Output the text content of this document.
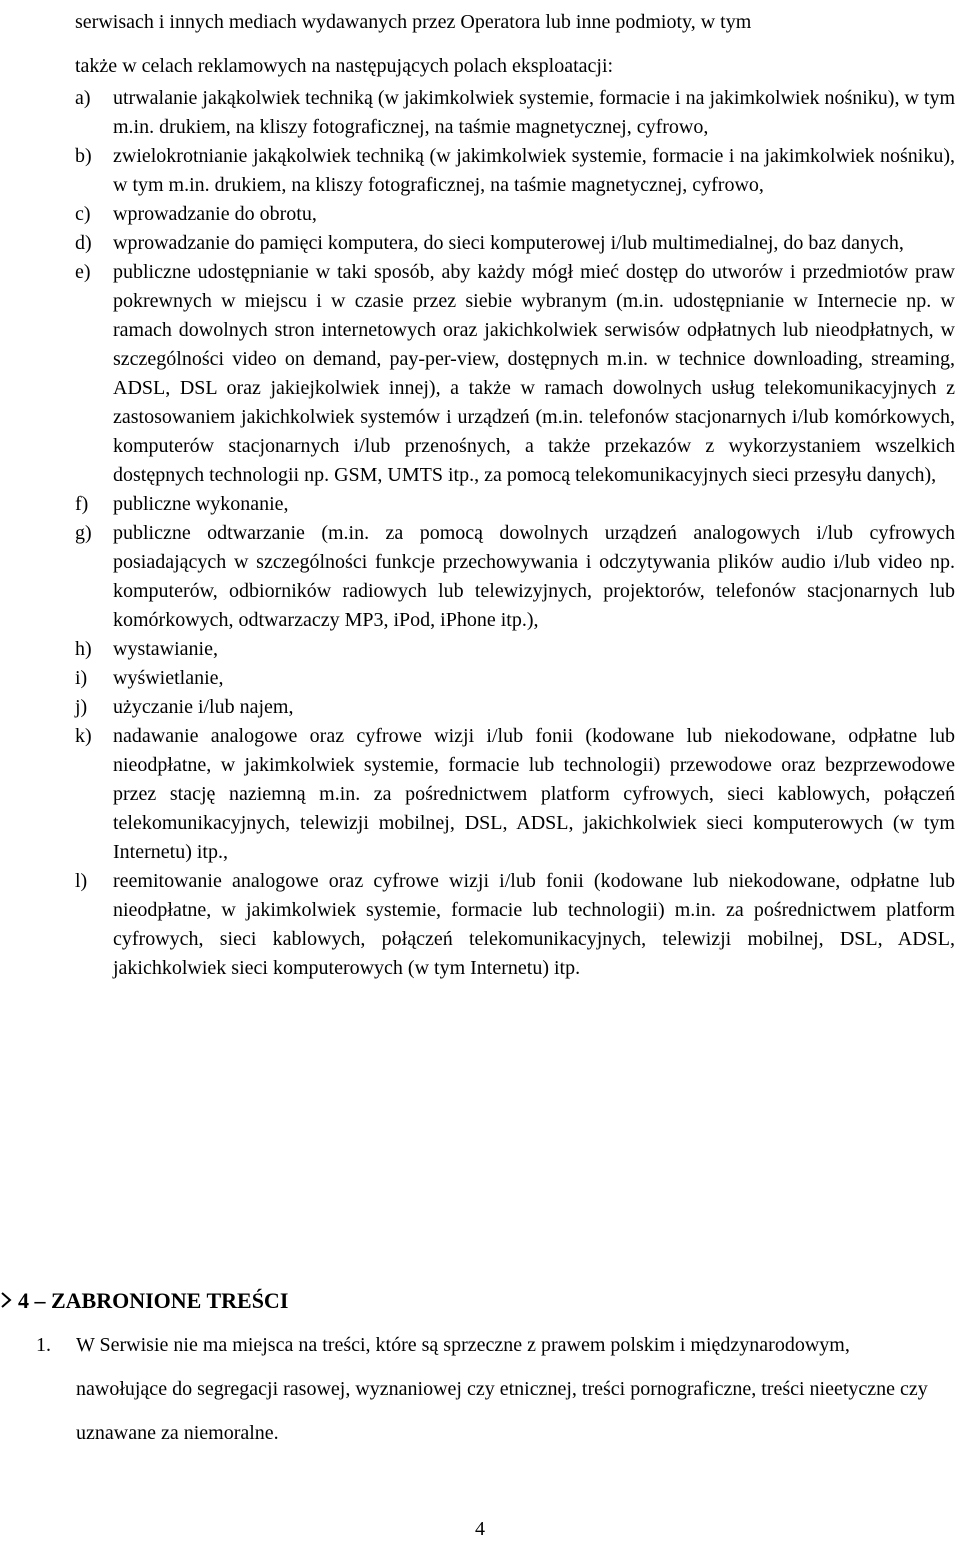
serwisach i innych mediach wydawanych przez Operatora lub inne podmioty, w tym
także w celach reklamowych na następujących polach eksploatacji:
a)	utrwalanie jakąkolwiek techniką (w jakimkolwiek systemie, formacie i na jakimkolwiek nośniku), w tym m.in. drukiem, na kliszy fotograficznej, na taśmie magnetycznej, cyfrowo,
b)	zwielokrotnianie jakąkolwiek techniką (w jakimkolwiek systemie, formacie i na jakimkolwiek nośniku), w tym m.in. drukiem, na kliszy fotograficznej, na taśmie magnetycznej, cyfrowo,
c)	wprowadzanie do obrotu,
d)	wprowadzanie do pamięci komputera, do sieci komputerowej i/lub multimedialnej, do baz danych,
e)	publiczne udostępnianie w taki sposób, aby każdy mógł mieć dostęp do utworów i przedmiotów praw pokrewnych w miejscu i w czasie przez siebie wybranym (m.in. udostępnianie w Internecie np. w ramach dowolnych stron internetowych oraz jakichkolwiek serwisów odpłatnych lub nieodpłatnych, w szczególności video on demand, pay-per-view, dostępnych m.in. w technice downloading, streaming, ADSL, DSL oraz jakiejkolwiek innej), a także w ramach dowolnych usług telekomunikacyjnych z zastosowaniem jakichkolwiek systemów i urządzeń (m.in. telefonów stacjonarnych i/lub komórkowych, komputerów stacjonarnych i/lub przenośnych, a także przekazów z wykorzystaniem wszelkich dostępnych technologii np. GSM, UMTS itp., za pomocą telekomunikacyjnych sieci przesyłu danych),
f)	publiczne wykonanie,
g)	publiczne odtwarzanie (m.in. za pomocą dowolnych urządzeń analogowych i/lub cyfrowych posiadających w szczególności funkcje przechowywania i odczytywania plików audio i/lub video np. komputerów, odbiorników radiowych lub telewizyjnych, projektorów, telefonów stacjonarnych lub komórkowych, odtwarzaczy MP3, iPod, iPhone itp.),
h)	wystawianie,
i)	wyświetlanie,
j)	użyczanie i/lub najem,
k)	nadawanie analogowe oraz cyfrowe wizji i/lub fonii (kodowane lub niekodowane, odpłatne lub nieodpłatne, w jakimkolwiek systemie, formacie lub technologii) przewodowe oraz bezprzewodowe przez stację naziemną m.in. za pośrednictwem platform cyfrowych, sieci kablowych, połączeń telekomunikacyjnych, telewizji mobilnej, DSL, ADSL, jakichkolwiek sieci komputerowych (w tym Internetu) itp.,
l)	reemitowanie analogowe oraz cyfrowe wizji i/lub fonii (kodowane lub niekodowane, odpłatne lub nieodpłatne, w jakimkolwiek systemie, formacie lub technologii) m.in. za pośrednictwem platform cyfrowych, sieci kablowych, połączeń telekomunikacyjnych, telewizji mobilnej, DSL, ADSL, jakichkolwiek sieci komputerowych (w tym Internetu) itp.
4 – ZABRONIONE TREŚCI
1.	W Serwisie nie ma miejsca na treści, które są sprzeczne z prawem polskim i międzynarodowym, nawołujące do segregacji rasowej, wyznaniowej czy etnicznej, treści pornograficzne, treści nieetyczne czy uznawane za niemoralne.
4
